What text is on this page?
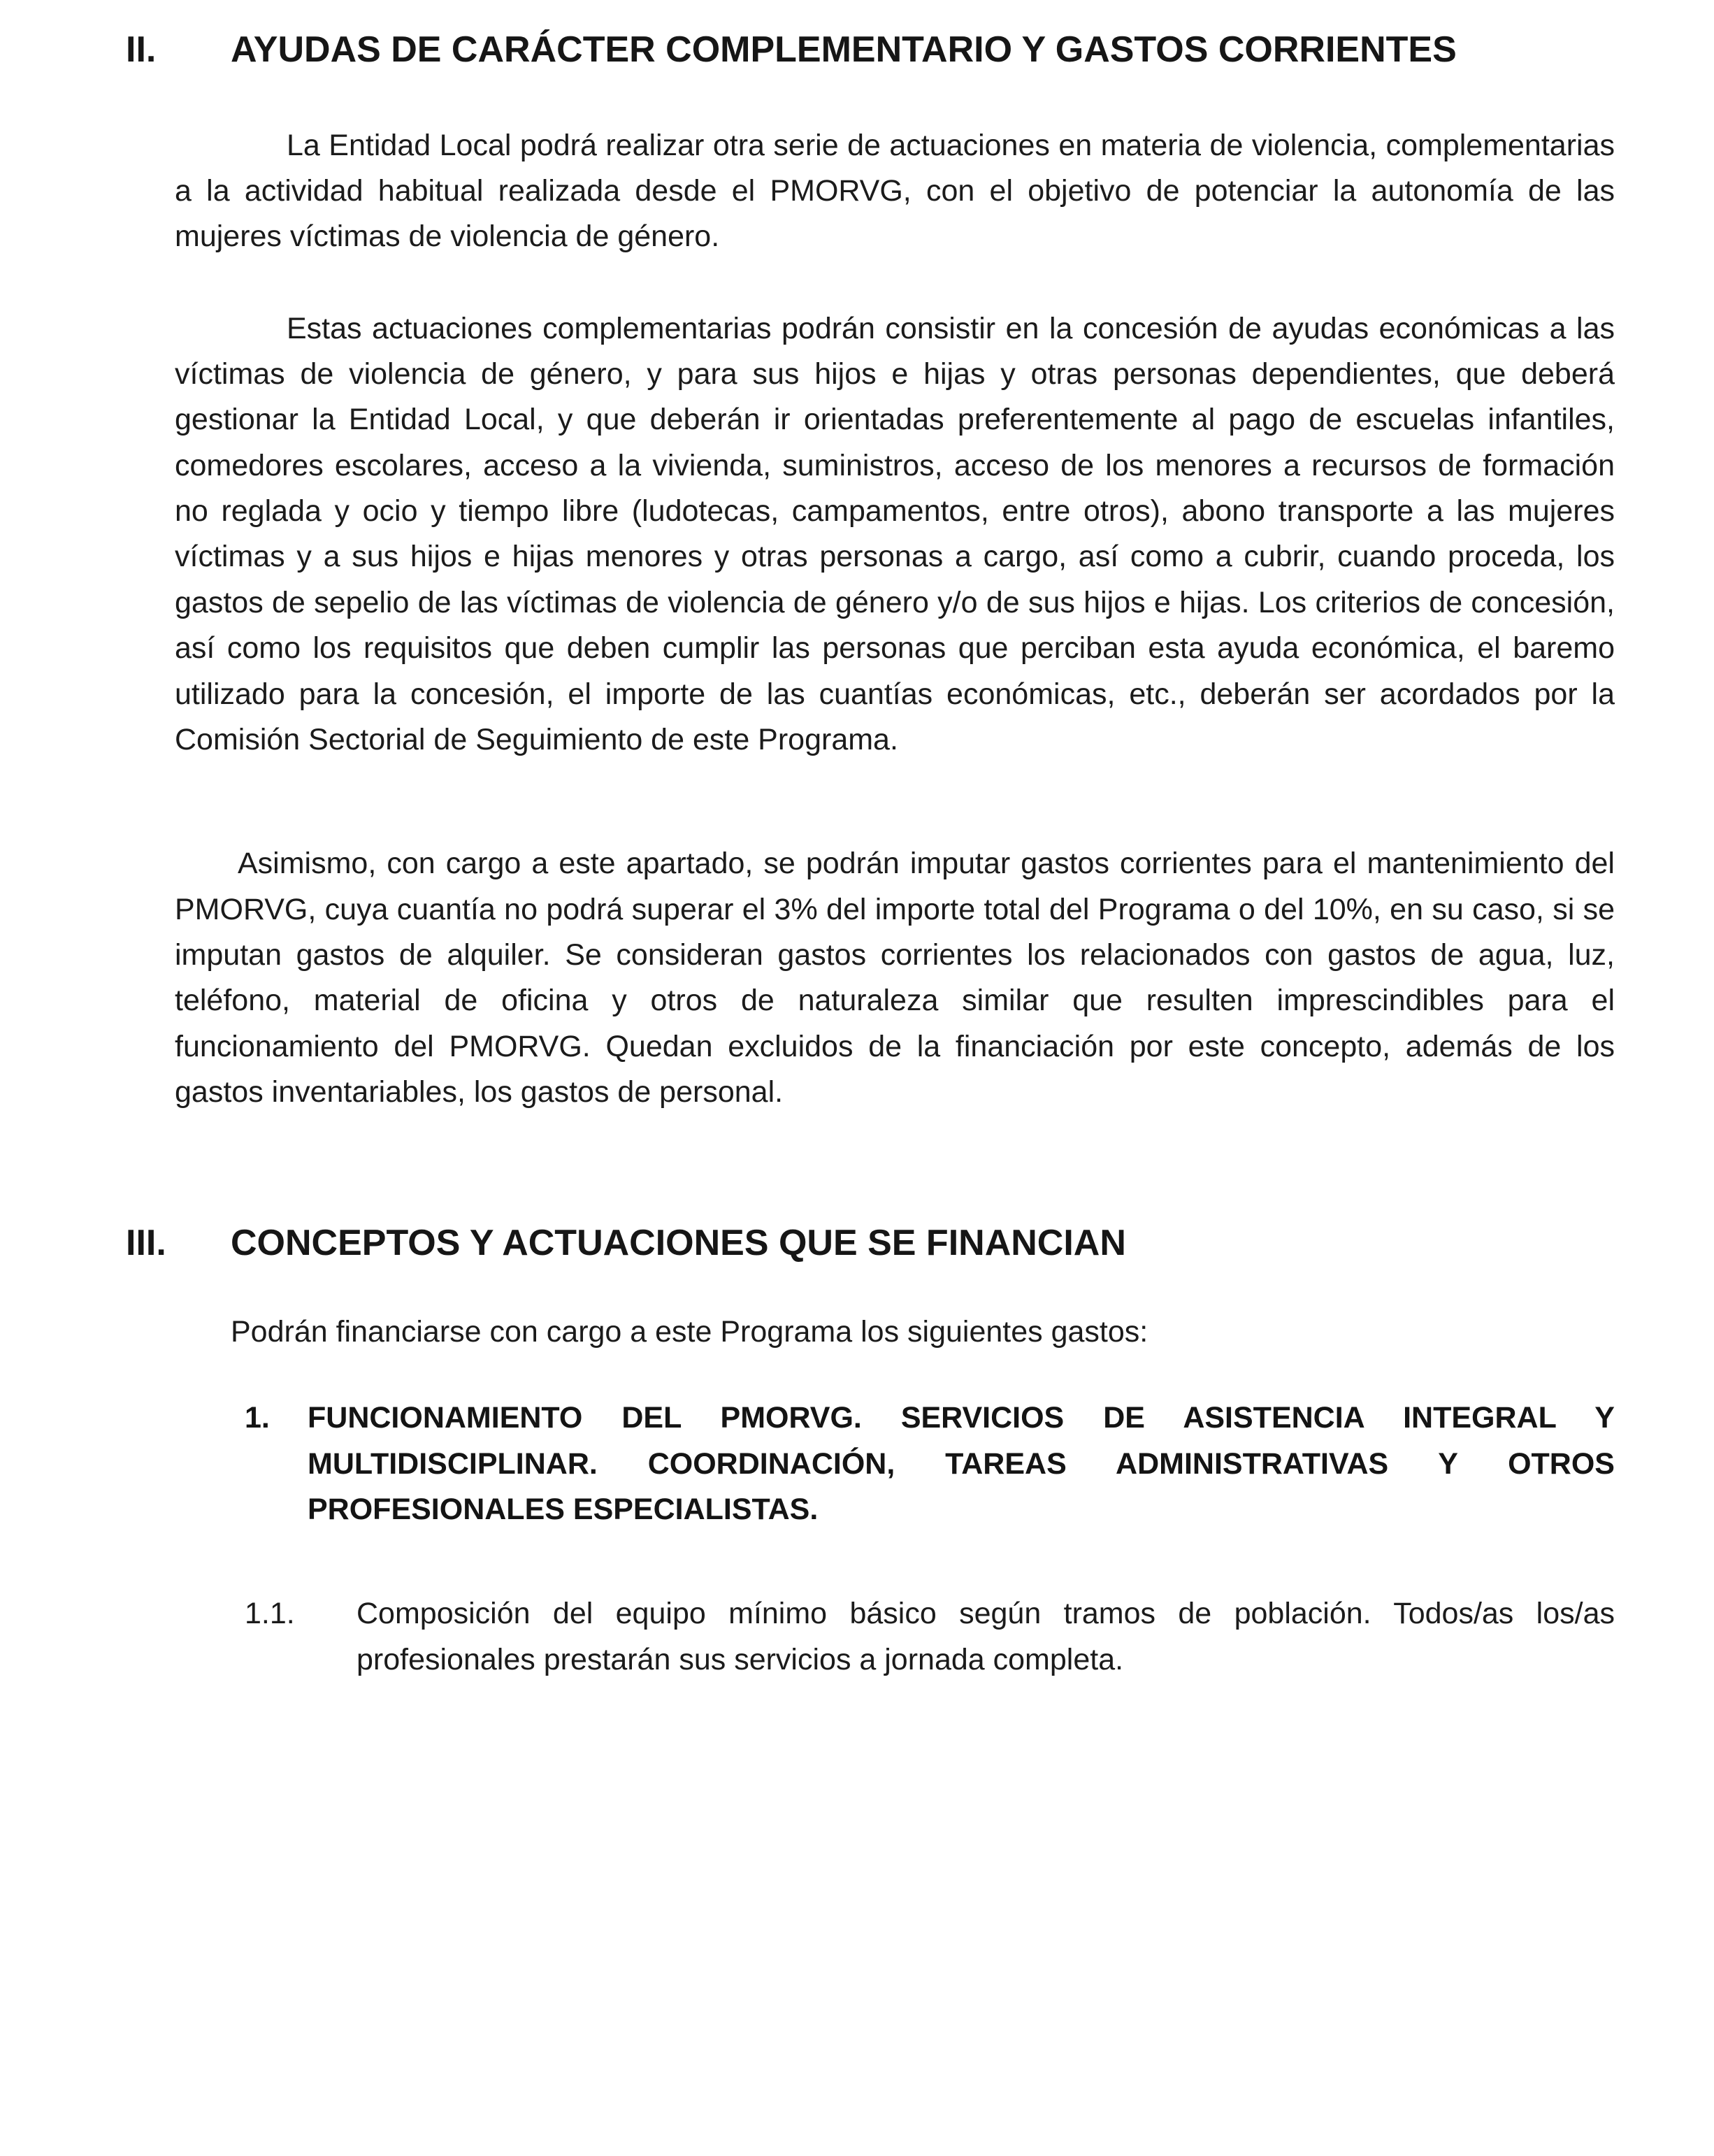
II.	AYUDAS DE CARÁCTER COMPLEMENTARIO Y GASTOS CORRIENTES

La Entidad Local podrá realizar otra serie de actuaciones en materia de violencia, complementarias a la actividad habitual realizada desde el PMORVG, con el objetivo de potenciar la autonomía de las mujeres víctimas de violencia de género.

Estas actuaciones complementarias podrán consistir en la concesión de ayudas económicas a las víctimas de violencia de género, y para sus hijos e hijas y otras personas dependientes, que deberá gestionar la Entidad Local, y que deberán ir orientadas preferentemente al pago de escuelas infantiles, comedores escolares, acceso a la vivienda, suministros, acceso de los menores a recursos de formación no reglada y ocio y tiempo libre (ludotecas, campamentos, entre otros), abono transporte a las mujeres víctimas y a sus hijos e hijas menores y otras personas a cargo, así como a cubrir, cuando proceda, los gastos de sepelio de las víctimas de violencia de género y/o de sus hijos e hijas. Los criterios de concesión, así como los requisitos que deben cumplir las personas que perciban esta ayuda económica, el baremo utilizado para la concesión, el importe de las cuantías económicas, etc., deberán ser acordados por la Comisión Sectorial de Seguimiento de este Programa.

Asimismo, con cargo a este apartado, se podrán imputar gastos corrientes para el mantenimiento del PMORVG, cuya cuantía no podrá superar el 3% del importe total del Programa o del 10%, en su caso, si se imputan gastos de alquiler. Se consideran gastos corrientes los relacionados con gastos de agua, luz, teléfono, material de oficina y otros de naturaleza similar que resulten imprescindibles para el funcionamiento del PMORVG. Quedan excluidos de la financiación por este concepto, además de los gastos inventariables, los gastos de personal.

III.	CONCEPTOS Y ACTUACIONES QUE SE FINANCIAN

Podrán financiarse con cargo a este Programa los siguientes gastos:

1.	FUNCIONAMIENTO DEL PMORVG. SERVICIOS DE ASISTENCIA INTEGRAL Y MULTIDISCIPLINAR. COORDINACIÓN, TAREAS ADMINISTRATIVAS Y OTROS PROFESIONALES ESPECIALISTAS.
1.1.	Composición del equipo mínimo básico según tramos de población. Todos/as los/as profesionales prestarán sus servicios a jornada completa.
